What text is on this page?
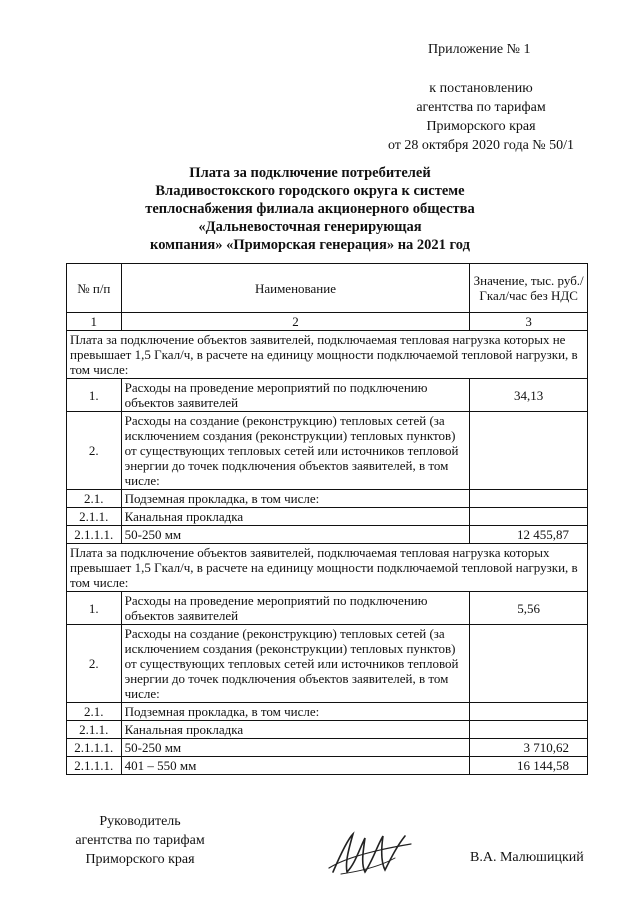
Приложение № 1
к постановлению
агентства по тарифам
Приморского края
от 28 октября 2020 года № 50/1
Плата за подключение потребителей
Владивостокского городского округа к системе
теплоснабжения филиала акционерного общества
«Дальневосточная генерирующая
компания» «Приморская генерация» на 2021 год
№ п/п	Наименование	Значение, тыс. руб./Гкал/час без НДС
1	2	3
Плата за подключение объектов заявителей, подключаемая тепловая нагрузка которых не превышает 1,5 Гкал/ч, в расчете на единицу мощности подключаемой тепловой нагрузки, в том числе:		
1.	Расходы на проведение мероприятий по подключению объектов заявителей	34,13
2.	Расходы на создание (реконструкцию) тепловых сетей (за исключением создания (реконструкции) тепловых пунктов) от существующих тепловых сетей или источников тепловой энергии до точек подключения объектов заявителей, в том числе:	
2.1.	Подземная прокладка, в том числе:	
2.1.1.	Канальная прокладка	
2.1.1.1.	50-250 мм	12 455,87
Плата за подключение объектов заявителей, подключаемая тепловая нагрузка которых превышает 1,5 Гкал/ч, в расчете на единицу мощности подключаемой тепловой нагрузки, в том числе:		
1.	Расходы на проведение мероприятий по подключению объектов заявителей	5,56
2.	Расходы на создание (реконструкцию) тепловых сетей (за исключением создания (реконструкции) тепловых пунктов) от существующих тепловых сетей или источников тепловой энергии до точек подключения объектов заявителей, в том числе:	
2.1.	Подземная прокладка, в том числе:	
2.1.1.	Канальная прокладка	
2.1.1.1.	50-250 мм	3 710,62
2.1.1.1.	401 – 550 мм	16 144,58
Руководитель
агентства по тарифам
Приморского края	В.А. Малюшицкий
